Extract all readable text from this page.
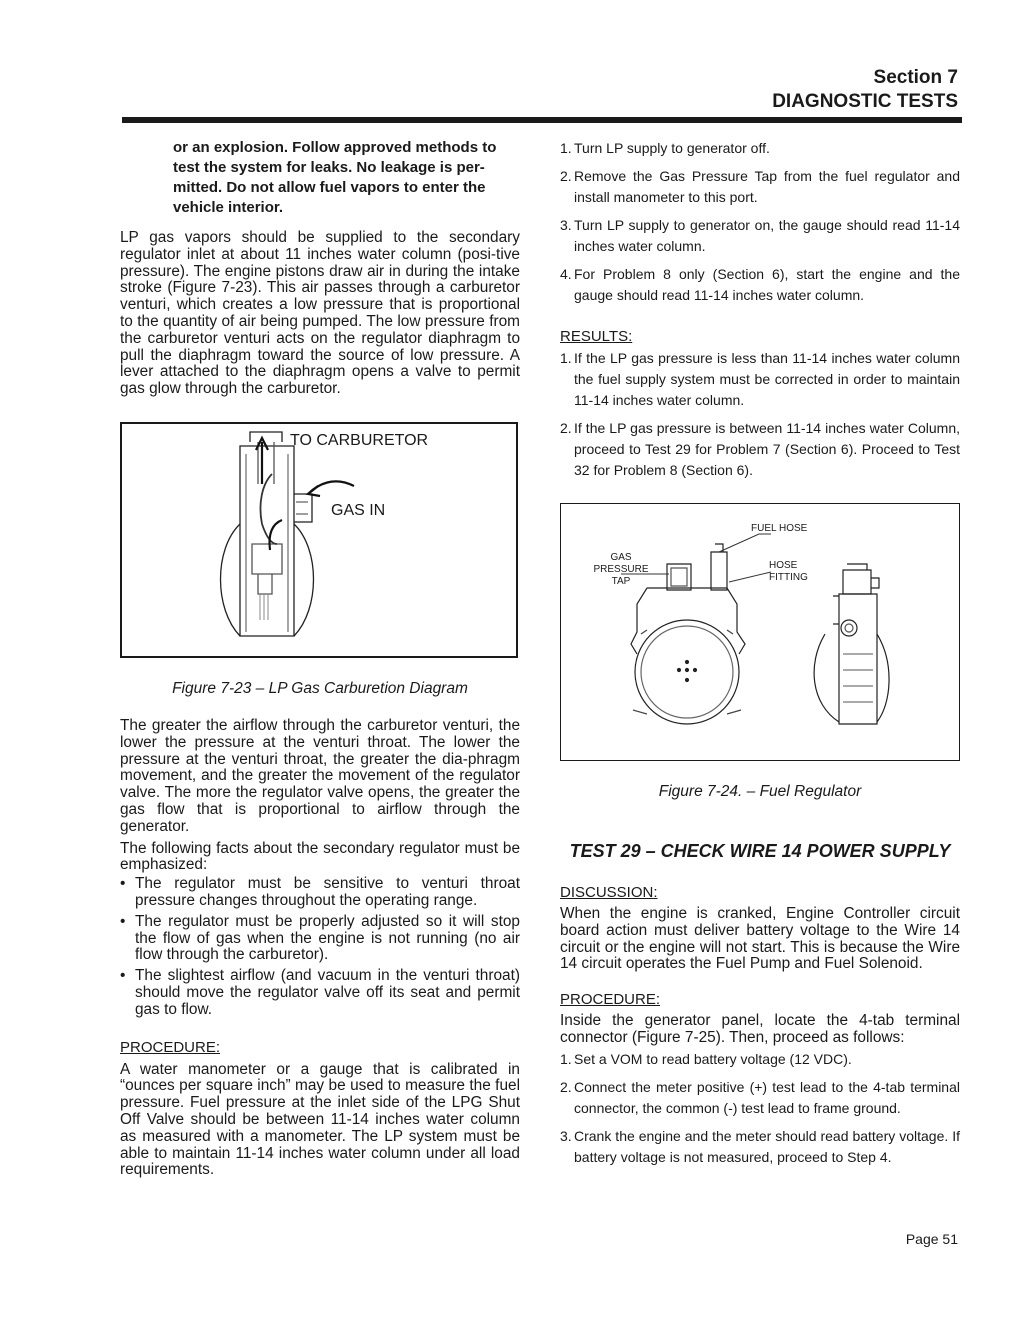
Section 7
DIAGNOSTIC TESTS

or an explosion. Follow approved methods to test the system for leaks. No leakage is per-mitted. Do not allow fuel vapors to enter the vehicle interior.

LP gas vapors should be supplied to the secondary regulator inlet at about 11 inches water column (posi-tive pressure). The engine pistons draw air in during the intake stroke (Figure 7-23). This air passes through a carburetor venturi, which creates a low pressure that is proportional to the quantity of air being pumped. The low pressure from the carburetor venturi acts on the regulator diaphragm to pull the diaphragm toward the source of low pressure. A lever attached to the diaphragm opens a valve to permit gas glow through the carburetor.

TO CARBURETOR
GAS IN

Figure 7-23 – LP Gas Carburetion Diagram

The greater the airflow through the carburetor venturi, the lower the pressure at the venturi throat. The lower the pressure at the venturi throat, the greater the dia-phragm movement, and the greater the movement of the regulator valve. The more the regulator valve opens, the greater the gas flow that is proportional to airflow through the generator.

The following facts about the secondary regulator must be emphasized:

• The regulator must be sensitive to venturi throat pressure changes throughout the operating range.
• The regulator must be properly adjusted so it will stop the flow of gas when the engine is not running (no air flow through the carburetor).
• The slightest airflow (and vacuum in the venturi throat) should move the regulator valve off its seat and permit gas to flow.

PROCEDURE:

A water manometer or a gauge that is calibrated in “ounces per square inch” may be used to measure the fuel pressure. Fuel pressure at the inlet side of the LPG Shut Off Valve should be between 11-14 inches water column as measured with a manometer. The LP system must be able to maintain 11-14 inches water column under all load requirements.

1. Turn LP supply to generator off.
2. Remove the Gas Pressure Tap from the fuel regulator and install manometer to this port.
3. Turn LP supply to generator on, the gauge should read 11-14 inches water column.
4. For Problem 8 only (Section 6), start the engine and the gauge should read 11-14 inches water column.

RESULTS:

1. If the LP gas pressure is less than 11-14 inches water column the fuel supply system must be corrected in order to maintain 11-14 inches water column.
2. If the LP gas pressure is between 11-14 inches water Column, proceed to Test 29 for Problem 7 (Section 6). Proceed to Test 32 for Problem 8 (Section 6).
FUEL HOSE
GAS
PRESSURE
TAP
HOSE
FITTING

Figure 7-24. – Fuel Regulator

TEST 29 – CHECK WIRE 14 POWER SUPPLY

DISCUSSION:

When the engine is cranked, Engine Controller circuit board action must deliver battery voltage to the Wire 14 circuit or the engine will not start. This is because the Wire 14 circuit operates the Fuel Pump and Fuel Solenoid.

PROCEDURE:

Inside the generator panel, locate the 4-tab terminal connector (Figure 7-25). Then, proceed as follows:

1. Set a VOM to read battery voltage (12 VDC).
2. Connect the meter positive (+) test lead to the 4-tab terminal connector, the common (-) test lead to frame ground.
3. Crank the engine and the meter should read battery voltage. If battery voltage is not measured, proceed to Step 4.
Page 51
